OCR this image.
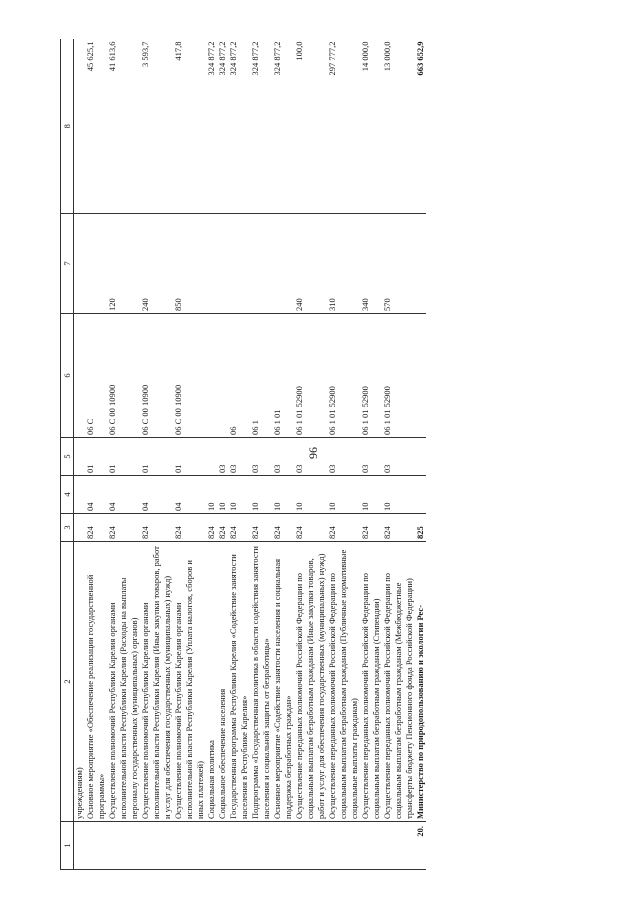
96
1	2	3	4	5	6	7	8

	учреждениям)						

	Основное мероприятие «Обеспечение реализации государственной программы»	824	04	01	06 С		45 625,1

	Осуществление полномочий Республики Карелия органами исполнительной власти Республики Карелия (Расходы на выплаты персоналу государственных (муниципальных) органов)	824	04	01	06 С 00 10900	120	41 613,6

	Осуществление полномочий Республики Карелия органами исполнительной власти Республики Карелия (Иные закупки товаров, работ и услуг для обеспечения государственных (муниципальных) нужд)	824	04	01	06 С 00 10900	240	3 593,7

	Осуществление полномочий Республики Карелия органами исполнительной власти Республики Карелия (Уплата налогов, сборов и иных платежей)	824	04	01	06 С 00 10900	850	417,8

	Социальная политика	824	10				324 877,2

	Социальное обеспечение населения	824	10	03			324 877,2

	Государственная программа Республики Карелия «Содействие занятости населения в Республике Карелия»	824	10	03	06		324 877,2

	Подпрограмма «Государственная политика в области содействия занятости населения и социальной защиты от безработицы»	824	10	03	06 1		324 877,2

	Основное мероприятие «Содействие занятости населения и социальная поддержка безработных граждан»	824	10	03	06 1 01		324 877,2

	Осуществление переданных полномочий Российской Федерации по социальным выплатам безработным гражданам (Иные закупки товаров, работ и услуг для обеспечения государственных (муниципальных) нужд)	824	10	03	06 1 01 52900	240	100,0

	Осуществление переданных полномочий Российской Федерации по социальным выплатам безработным гражданам (Публичные нормативные социальные выплаты гражданам)	824	10	03	06 1 01 52900	310	297 777,2

	Осуществление переданных полномочий Российской Федерации по социальным выплатам безработным гражданам (Стипендии)	824	10	03	06 1 01 52900	340	14 000,0

	Осуществление переданных полномочий Российской Федерации по социальным выплатам безработным гражданам (Межбюджетные трансферты бюджету Пенсионного фонда Российской Федерации)	824	10	03	06 1 01 52900	570	13 000,0

20.	Министерство по природопользованию и экологии Рес-	825					663 652,9
